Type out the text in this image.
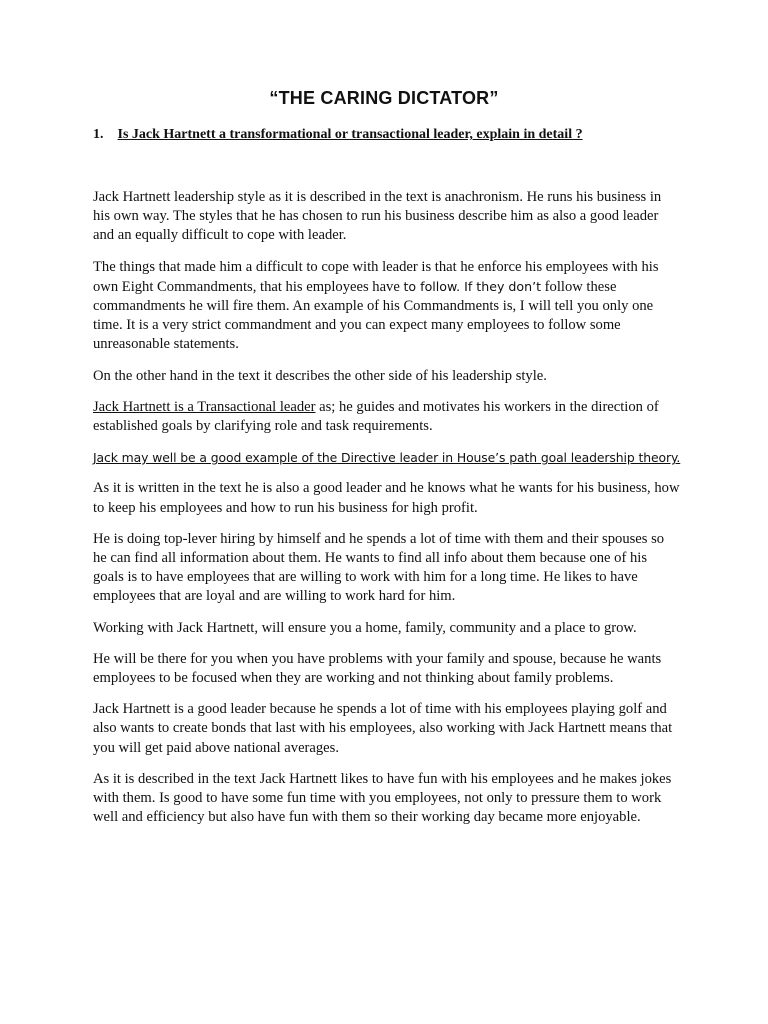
“THE CARING DICTATOR”
1. Is Jack Hartnett a transformational or transactional leader, explain in detail ?

Jack Hartnett leadership style as it is described in the text is anachronism. He runs his business in his own way. The styles that he has chosen to run his business describe him as also a good leader and an equally difficult to cope with leader.

The things that made him a difficult to cope with leader is that he enforce his employees with his own Eight Commandments, that his employees have to follow. If they don’t follow these commandments he will fire them. An example of his Commandments is, I will tell you only one time. It is a very strict commandment and you can expect many employees to follow some unreasonable statements.

On the other hand in the text it describes the other side of his leadership style.

Jack Hartnett is a Transactional leader as; he guides and motivates his workers in the direction of established goals by clarifying role and task requirements.

Jack may well be a good example of the Directive leader in House’s path goal leadership theory.

As it is written in the text he is also a good leader and he knows what he wants for his business, how to keep his employees and how to run his business for high profit.

He is doing top-lever hiring by himself and he spends a lot of time with them and their spouses so he can find all information about them. He wants to find all info about them because one of his goals is to have employees that are willing to work with him for a long time. He likes to have employees that are loyal and are willing to work hard for him.

Working with Jack Hartnett, will ensure you a home, family, community and a place to grow.

He will be there for you when you have problems with your family and spouse, because he wants employees to be focused when they are working and not thinking about family problems.

Jack Hartnett is a good leader because he spends a lot of time with his employees playing golf and also wants to create bonds that last with his employees, also working with Jack Hartnett means that you will get paid above national averages.

As it is described in the text Jack Hartnett likes to have fun with his employees and he makes jokes with them. Is good to have some fun time with you employees, not only to pressure them to work well and efficiency but also have fun with them so their working day became more enjoyable.
